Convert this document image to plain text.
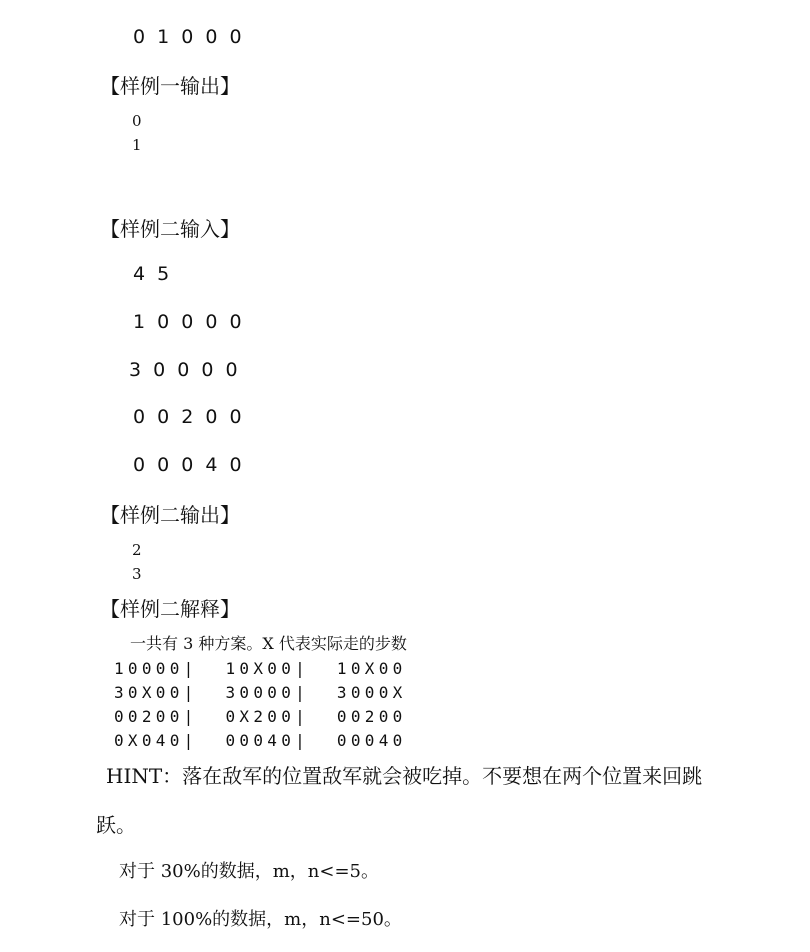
0 1 0 0 0
【样例一输出】
0
1
【样例二输入】
4 5
1 0 0 0 0
3 0 0 0 0
0 0 2 0 0
0 0 0 4 0
【样例二输出】
2
3
【样例二解释】
一共有 3 种方案。X 代表实际走的步数
10000|  10X00|  10X00
30X00|  30000|  3000X
00200|  0X200|  00200
0X040|  00040|  00040
HINT：落在敌军的位置敌军就会被吃掉。不要想在两个位置来回跳
跃。
对于 30%的数据，m，n<=5。
对于 100%的数据，m，n<=50。
